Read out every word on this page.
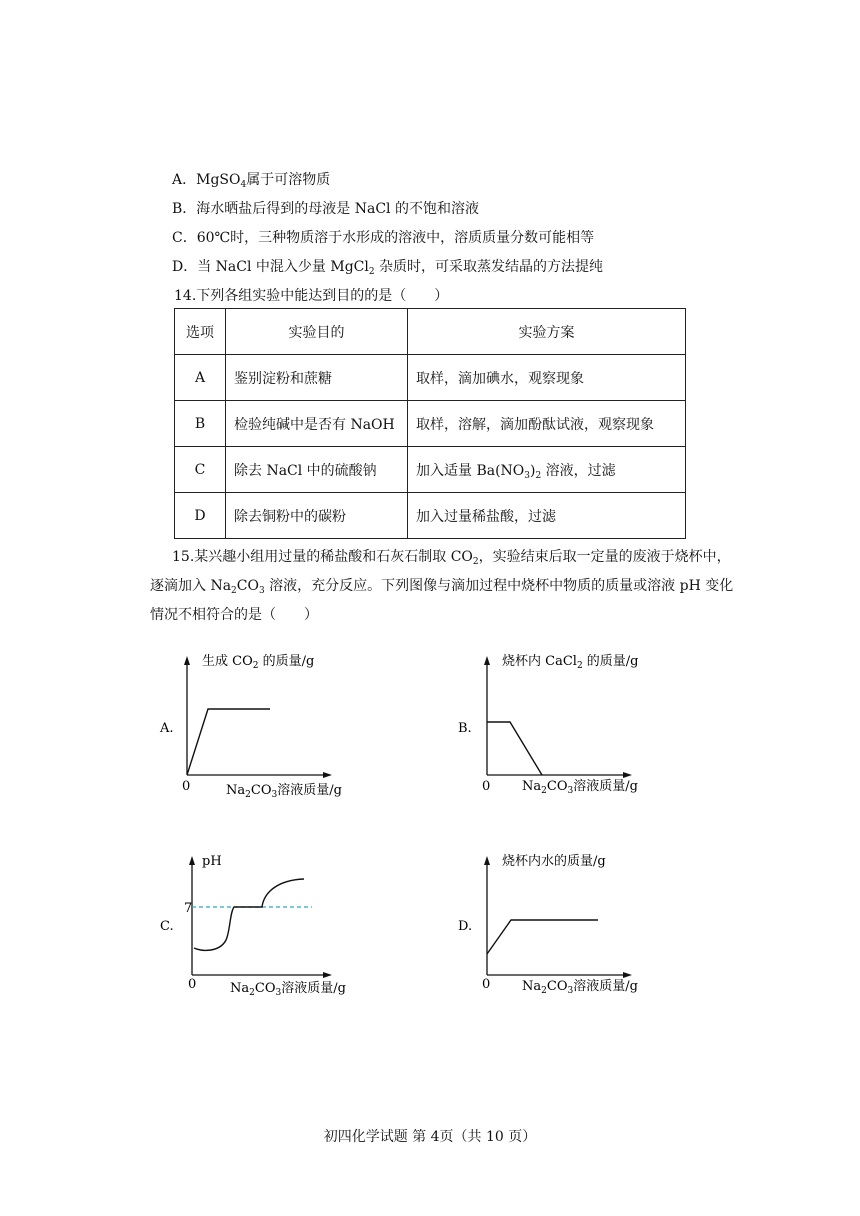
A．MgSO$_4$属于可溶物质
B．海水晒盐后得到的母液是 NaCl 的不饱和溶液
C．60℃时，三种物质溶于水形成的溶液中，溶质质量分数可能相等
D．当 NaCl 中混入少量 MgCl$_2$ 杂质时，可采取蒸发结晶的方法提纯
14.下列各组实验中能达到目的的是（　　）
选项	实验目的	实验方案
A	鉴别淀粉和蔗糖	取样，滴加碘水，观察现象
B	检验纯碱中是否有 NaOH	取样，溶解，滴加酚酞试液，观察现象
C	除去 NaCl 中的硫酸钠	加入适量 $Ba(NO_3)_2$ 溶液，过滤
D	除去铜粉中的碳粉	加入过量稀盐酸，过滤
15.某兴趣小组用过量的稀盐酸和石灰石制取 $CO_2$，实验结束后取一定量的废液于烧杯中，
逐滴加入 $Na_2CO_3$ 溶液，充分反应。下列图像与滴加过程中烧杯中物质的质量或溶液 pH 变化
情况不相符合的是（　　）
A.
0
生成 $CO_2$ 的质量/g
$Na_2CO_3$溶液质量/g
B.
0
烧杯内 CaCl$_2$ 的质量/g
$Na_2CO_3$溶液质量/g
C.
7
0
pH
$Na_2CO_3$溶液质量/g
D.
0
烧杯内水的质量/g
$Na_2CO_3$溶液质量/g
初四化学试题 第 4页（共 10 页）
